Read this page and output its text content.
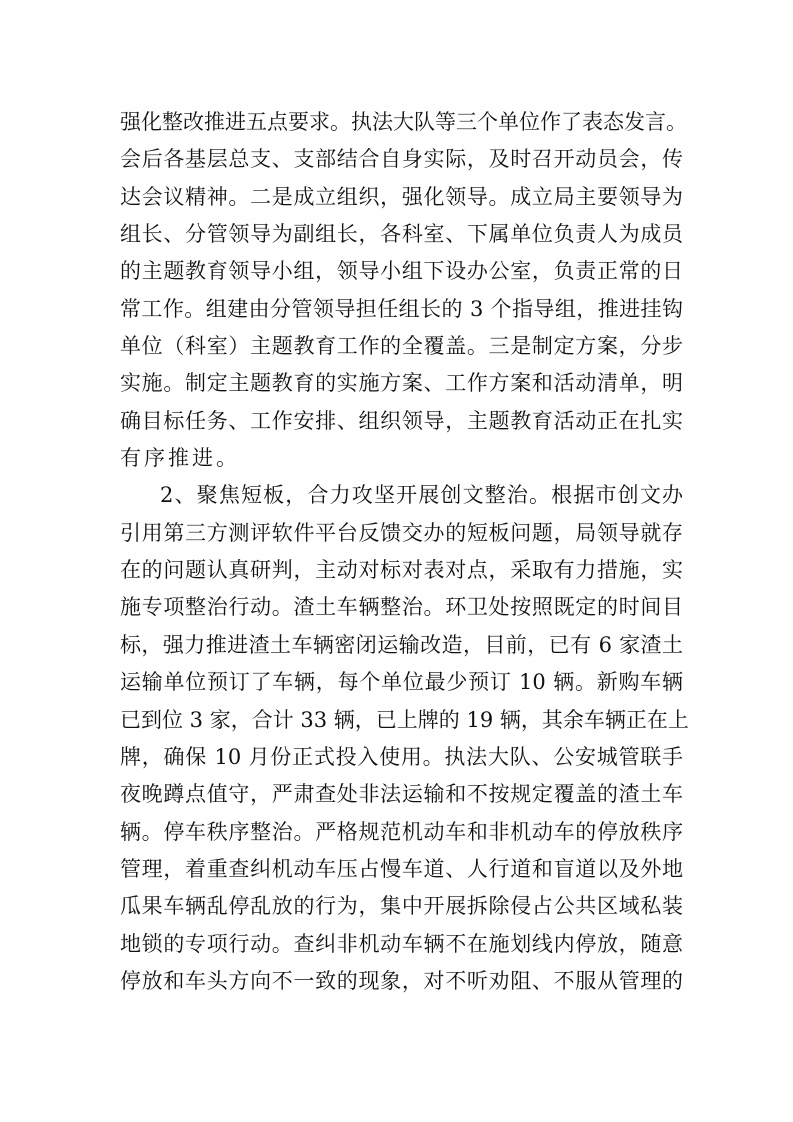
强化整改推进五点要求。执法大队等三个单位作了表态发言。
会后各基层总支、支部结合自身实际，及时召开动员会，传
达会议精神。二是成立组织，强化领导。成立局主要领导为
组长、分管领导为副组长，各科室、下属单位负责人为成员
的主题教育领导小组，领导小组下设办公室，负责正常的日
常工作。组建由分管领导担任组长的 3 个指导组，推进挂钩
单位（科室）主题教育工作的全覆盖。三是制定方案，分步
实施。制定主题教育的实施方案、工作方案和活动清单，明
确目标任务、工作安排、组织领导，主题教育活动正在扎实
有序推进。
2、聚焦短板，合力攻坚开展创文整治。根据市创文办
引用第三方测评软件平台反馈交办的短板问题，局领导就存
在的问题认真研判，主动对标对表对点，采取有力措施，实
施专项整治行动。渣土车辆整治。环卫处按照既定的时间目
标，强力推进渣土车辆密闭运输改造，目前，已有 6 家渣土
运输单位预订了车辆，每个单位最少预订 10 辆。新购车辆
已到位 3 家，合计 33 辆，已上牌的 19 辆，其余车辆正在上
牌，确保 10 月份正式投入使用。执法大队、公安城管联手
夜晚蹲点值守，严肃查处非法运输和不按规定覆盖的渣土车
辆。停车秩序整治。严格规范机动车和非机动车的停放秩序
管理，着重查纠机动车压占慢车道、人行道和盲道以及外地
瓜果车辆乱停乱放的行为，集中开展拆除侵占公共区域私装
地锁的专项行动。查纠非机动车辆不在施划线内停放，随意
停放和车头方向不一致的现象，对不听劝阻、不服从管理的
